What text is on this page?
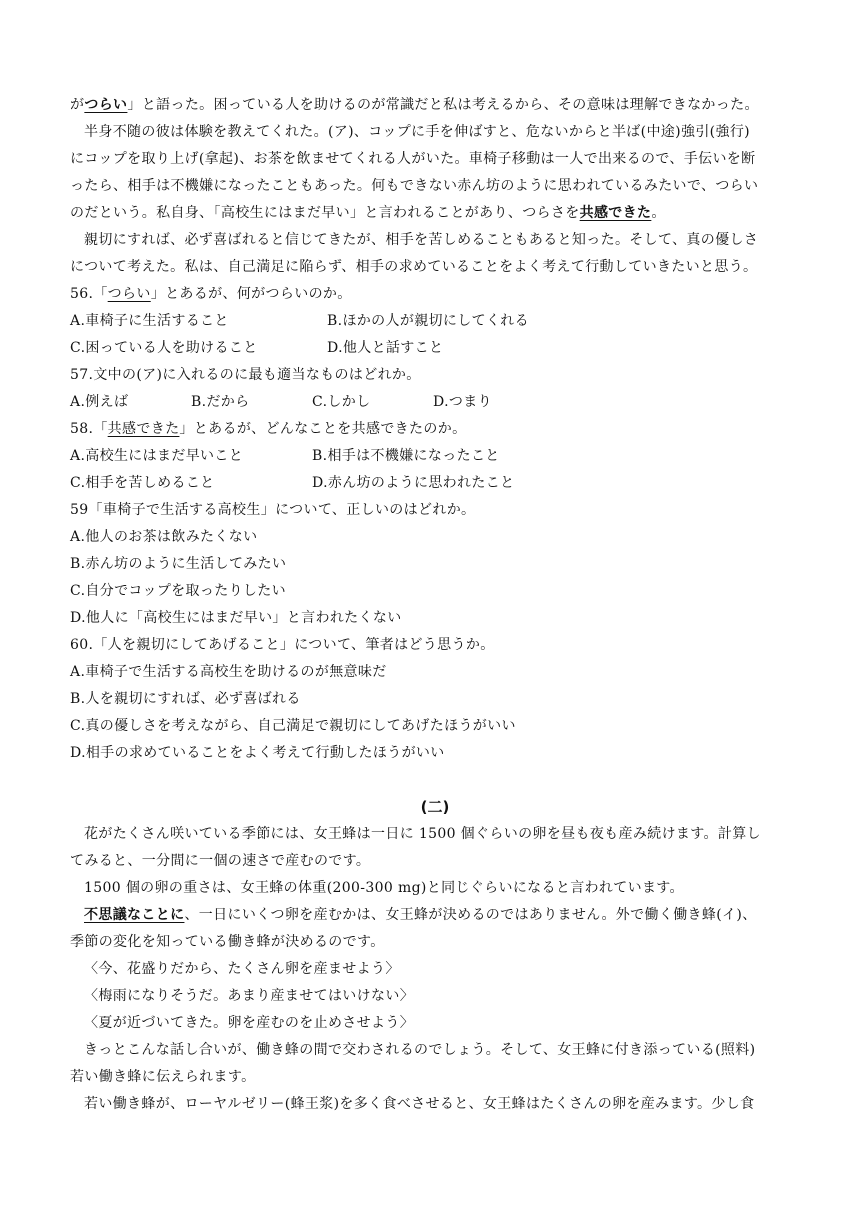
がつらい」と語った。困っている人を助けるのが常識だと私は考えるから、その意味は理解できなかった。
半身不随の彼は体験を教えてくれた。(ア)、コップに手を伸ばすと、危ないからと半ば(中途)強引(強行)
にコップを取り上げ(拿起)、お茶を飲ませてくれる人がいた。車椅子移動は一人で出来るので、手伝いを断
ったら、相手は不機嫌になったこともあった。何もできない赤ん坊のように思われているみたいで、つらい
のだという。私自身、「高校生にはまだ早い」と言われることがあり、つらさを共感できた。
親切にすれば、必ず喜ばれると信じてきたが、相手を苦しめることもあると知った。そして、真の優しさ
について考えた。私は、自己満足に陥らず、相手の求めていることをよく考えて行動していきたいと思う。
56.「つらい」とあるが、何がつらいのか。
A.車椅子に生活すること	B.ほかの人が親切にしてくれる
C.困っている人を助けること	D.他人と話すこと
57.文中の(ア)に入れるのに最も適当なものはどれか。
A.例えば	B.だから	C.しかし	D.つまり
58.「共感できた」とあるが、どんなことを共感できたのか。
A.高校生にはまだ早いこと	B.相手は不機嫌になったこと
C.相手を苦しめること	D.赤ん坊のように思われたこと
59「車椅子で生活する高校生」について、正しいのはどれか。
A.他人のお茶は飲みたくない
B.赤ん坊のように生活してみたい
C.自分でコップを取ったりしたい
D.他人に「高校生にはまだ早い」と言われたくない
60.「人を親切にしてあげること」について、筆者はどう思うか。
A.車椅子で生活する高校生を助けるのが無意味だ
B.人を親切にすれば、必ず喜ばれる
C.真の優しさを考えながら、自己満足で親切にしてあげたほうがいい
D.相手の求めていることをよく考えて行動したほうがいい
(二)
花がたくさん咲いている季節には、女王蜂は一日に 1500 個ぐらいの卵を昼も夜も産み続けます。計算し
てみると、一分間に一個の速さで産むのです。
1500 個の卵の重さは、女王蜂の体重(200-300 mg)と同じぐらいになると言われています。
不思議なことに、一日にいくつ卵を産むかは、女王蜂が決めるのではありません。外で働く働き蜂(イ)、
季節の変化を知っている働き蜂が決めるのです。
〈今、花盛りだから、たくさん卵を産ませよう〉
〈梅雨になりそうだ。あまり産ませてはいけない〉
〈夏が近づいてきた。卵を産むのを止めさせよう〉
きっとこんな話し合いが、働き蜂の間で交わされるのでしょう。そして、女王蜂に付き添っている(照料)
若い働き蜂に伝えられます。
若い働き蜂が、ローヤルゼリー(蜂王浆)を多く食べさせると、女王蜂はたくさんの卵を産みます。少し食
